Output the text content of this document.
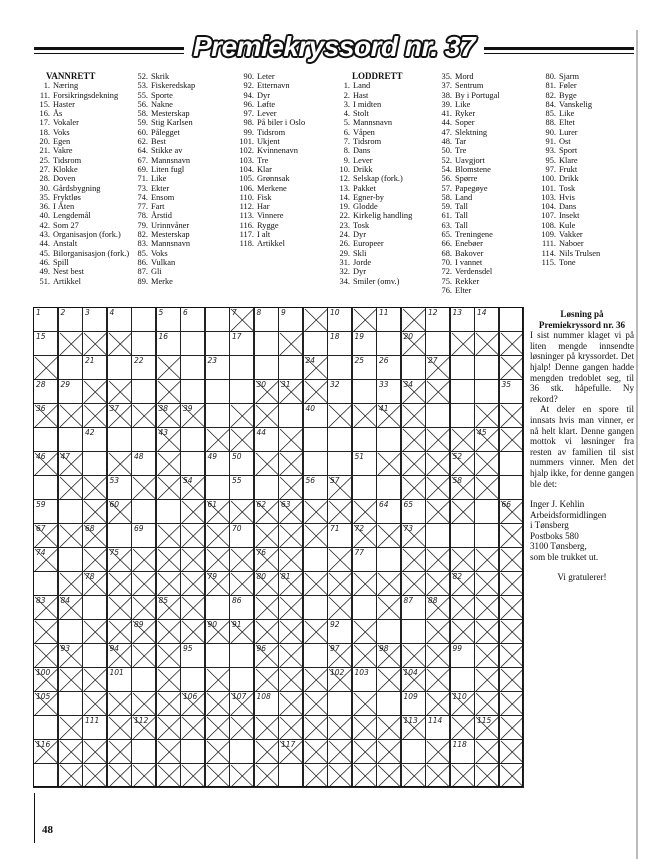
Premiekryssord nr. 37
VANNRETT
1. Næring
11. Forsikringsdekning
15. Haster
16. Ås
17. Vokaler
18. Voks
20. Egen
21. Vakre
25. Tidsrom
27. Klokke
28. Doven
30. Gårdsbygning
35. Fryktløs
36. I Åten
40. Lengdemål
42. Som 27
43. Organisasjon (fork.)
44. Anstalt
45. Bilorganisasjon (fork.)
46. Spill
49. Nest best
51. Artikkel
52. Skrik
53. Fiskeredskap
55. Sporte
56. Nakne
58. Mesterskap
59. Stig Karlsen
60. Pålegget
62. Best
64. Stikke av
67. Mannsnavn
69. Liten fugl
71. Like
73. Ekter
74. Ensom
77. Fart
78. Årstid
79. Urinnvåner
82. Mesterskap
83. Mannsnavn
85. Voks
86. Vulkan
87. Gli
89. Merke
90. Leter
92. Etternavn
94. Dyr
96. Løfte
97. Lever
98. På biler i Oslo
99. Tidsrom
101. Ukjent
102. Kvinnenavn
103. Tre
104. Klar
105. Grønnsak
106. Merkene
110. Fisk
112. Har
113. Vinnere
116. Rygge
117. I alt
118. Artikkel
LODDRETT
1. Land
2. Hast
3. I midten
4. Stolt
5. Mannsnavn
6. Våpen
7. Tidsrom
8. Dans
9. Lever
10. Drikk
12. Selskap (fork.)
13. Pakket
14. Egner-by
19. Glodde
22. Kirkelig handling
23. Tosk
24. Dyr
26. Europeer
29. Skli
31. Jorde
32. Dyr
34. Smiler (omv.)
35. Mord
37. Sentrum
38. By i Portugal
39. Like
41. Ryker
44. Soper
47. Slektning
48. Tar
50. Tre
52. Uavgjort
54. Blomstene
56. Spørre
57. Papegøye
58. Land
59. Tall
61. Tall
63. Tall
65. Treningene
66. Enebøer
68. Bakover
70. I vannet
72. Verdensdel
75. Rekker
76. Elter
80. Sjarm
81. Føler
82. Byge
84. Vanskelig
85. Like
88. Eltet
90. Lurer
91. Ost
93. Sport
95. Klare
97. Frukt
100. Drikk
101. Tosk
103. Hvis
104. Dans
107. Insekt
108. Kule
109. Vakker
111. Naboer
114. Nils Trulsen
115. Tone
118
117
116
115
114
113
112
111
110
109
108
107
106
105
104
103
102
101
100
99
98
97
96
95
94
93
92
91
90
89
88
87
86
85
84
83
82
81
80
79
78
77
76
75
74
73
72
71
70
69
68
67
66
65
64
63
62
61
60
59
58
57
56
55
54
53
52
51
50
49
48
47
46
45
44
43
42
41
40
39
38
37
36
35
34
33
32
31
30
29
28
27
26
25
24
23
22
21
20
19
18
17
16
15
14
13
12
11
10
9
8
7
6
5
4
3
2
1	Løsning på Premiekryssord nr. 36

I sist nummer klaget vi på liten mengde innsendte løsninger på kryssordet. Det hjalp! Denne gangen hadde mengden tredoblet seg, til 36 stk. håpefulle. Ny rekord?

At deler en spore til innsats hvis man vinner, er nå helt klart. Denne gangen mottok vi løsninger fra resten av familien til sist nummers vinner. Men det hjalp ikke, for denne gangen ble det:

Inger J. Kehlin
Arbeidsformidlingen
i Tønsberg
Postboks 580
3100 Tønsberg,
som ble trukket ut.
Vi gratulerer!
48
